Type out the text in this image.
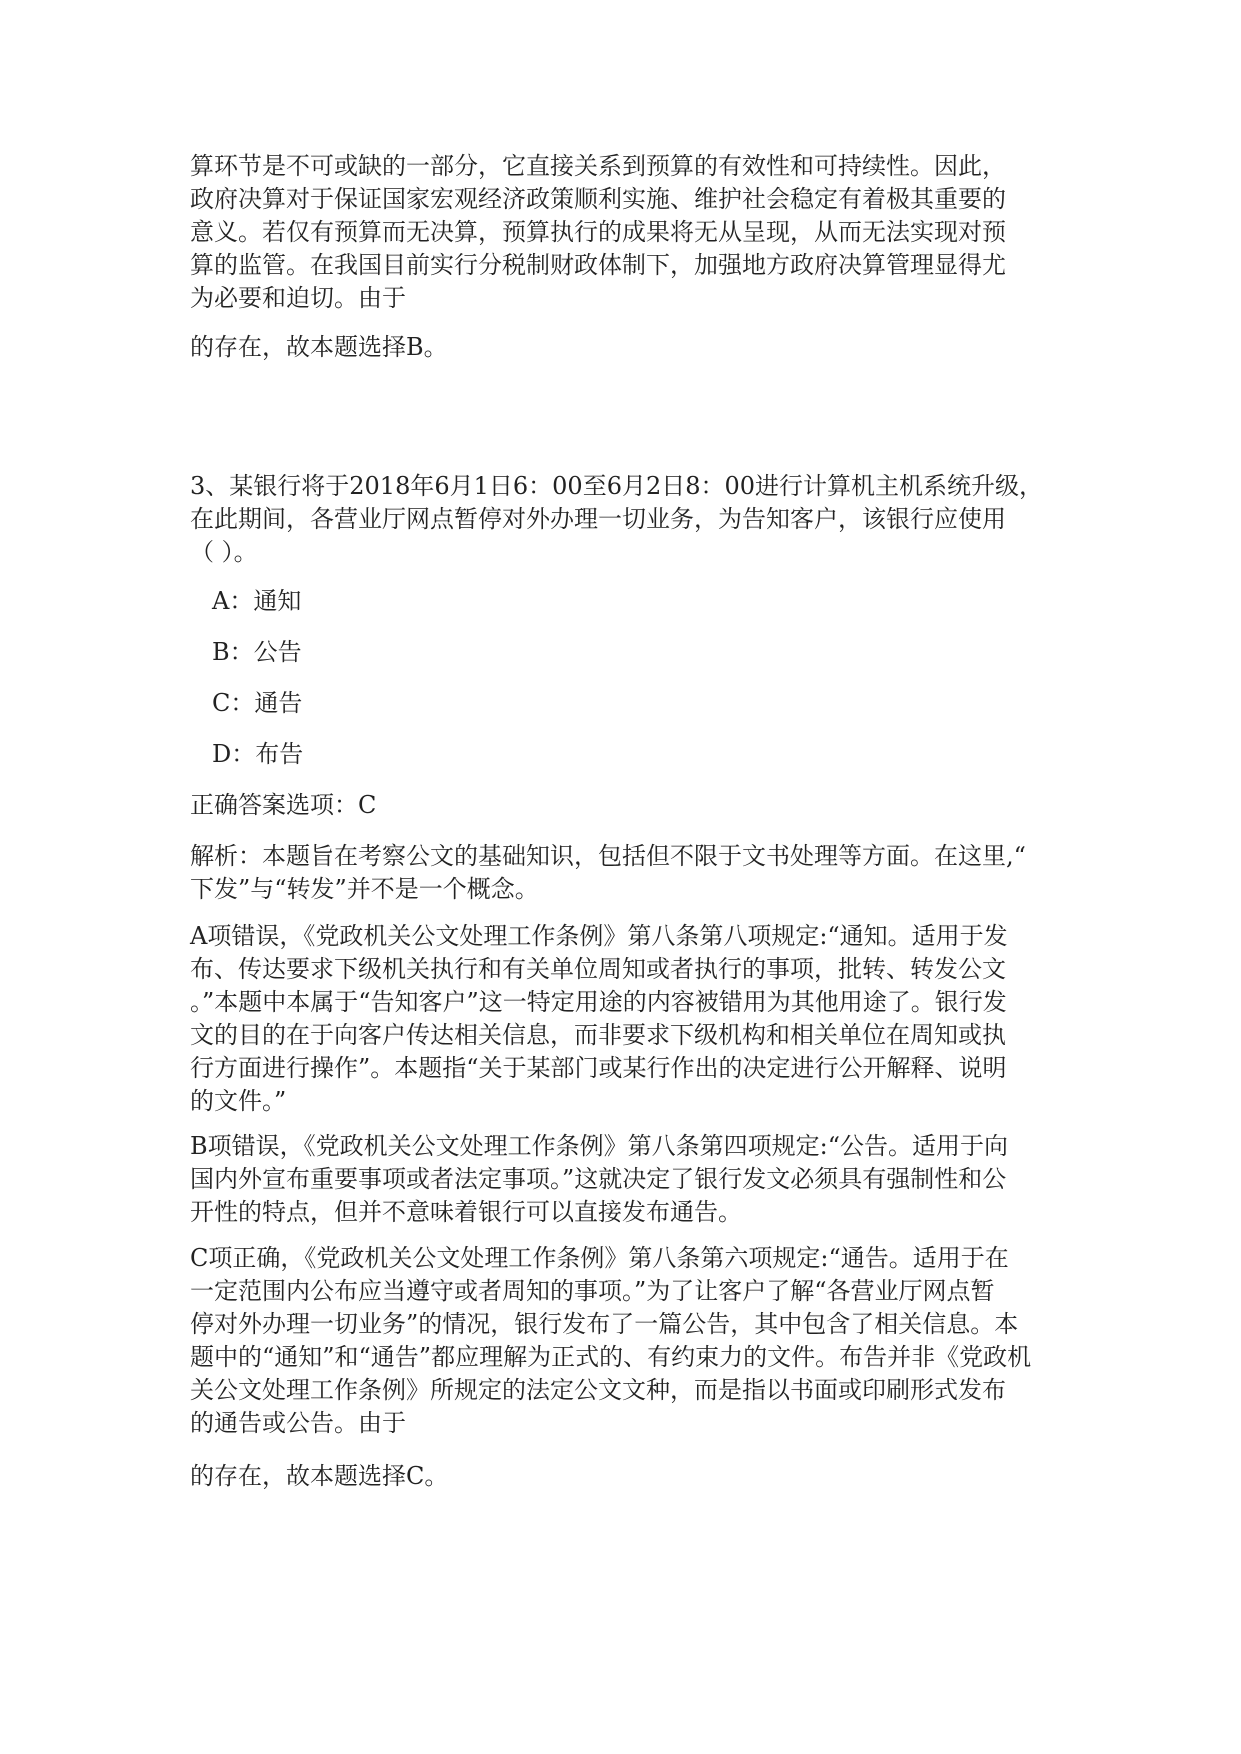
算环节是不可或缺的一部分，它直接关系到预算的有效性和可持续性。因此，
政府决算对于保证国家宏观经济政策顺利实施、维护社会稳定有着极其重要的
意义。若仅有预算而无决算，预算执行的成果将无从呈现，从而无法实现对预
算的监管。在我国目前实行分税制财政体制下，加强地方政府决算管理显得尤
为必要和迫切。由于
的存在，故本题选择B。
3、某银行将于2018年6月1日6：00至6月2日8：00进行计算机主机系统升级，
在此期间，各营业厅网点暂停对外办理一切业务，为告知客户，该银行应使用
（ ）。
A：通知
B：公告
C：通告
D：布告
正确答案选项：C
解析：本题旨在考察公文的基础知识，包括但不限于文书处理等方面。在这里,“
下发”与“转发”并不是一个概念。
A项错误，《党政机关公文处理工作条例》第八条第八项规定:“通知。适用于发
布、传达要求下级机关执行和有关单位周知或者执行的事项，批转、转发公文
。”本题中本属于“告知客户”这一特定用途的内容被错用为其他用途了。银行发
文的目的在于向客户传达相关信息，而非要求下级机构和相关单位在周知或执
行方面进行操作”。本题指“关于某部门或某行作出的决定进行公开解释、说明
的文件。”
B项错误，《党政机关公文处理工作条例》第八条第四项规定:“公告。适用于向
国内外宣布重要事项或者法定事项。”这就决定了银行发文必须具有强制性和公
开性的特点，但并不意味着银行可以直接发布通告。
C项正确，《党政机关公文处理工作条例》第八条第六项规定:“通告。适用于在
一定范围内公布应当遵守或者周知的事项。”为了让客户了解“各营业厅网点暂
停对外办理一切业务”的情况，银行发布了一篇公告，其中包含了相关信息。本
题中的“通知”和“通告”都应理解为正式的、有约束力的文件。布告并非《党政机
关公文处理工作条例》所规定的法定公文文种，而是指以书面或印刷形式发布
的通告或公告。由于
的存在，故本题选择C。
